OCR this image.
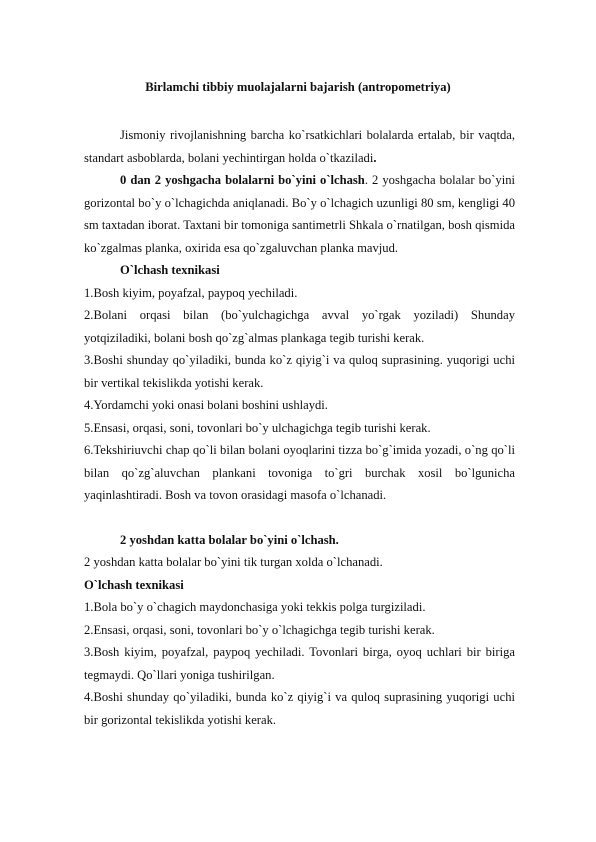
Birlamchi tibbiy muolajalarni bajarish (antropometriya)

Jismoniy rivojlanishning barcha ko`rsatkichlari bolalarda ertalab, bir vaqtda, standart asboblarda, bolani yechintirgan holda o`tkaziladi.

0 dan 2 yoshgacha bolalarni bo`yini o`lchash. 2 yoshgacha bolalar bo`yini gorizontal bo`y o`lchagichda aniqlanadi. Bo`y o`lchagich uzunligi 80 sm, kengligi 40 sm taxtadan iborat. Taxtani bir tomoniga santimetrli Shkala o`rnatilgan, bosh qismida ko`zgalmas planka, oxirida esa qo`zgaluvchan planka mavjud.

O`lchash texnikasi

1.Bosh kiyim, poyafzal, paypoq yechiladi.

2.Bolani orqasi bilan (bo`yulchagichga avval yo`rgak yoziladi) Shunday yotqiziladiki, bolani bosh qo`zg`almas plankaga tegib turishi kerak.

3.Boshi shunday qo`yiladiki, bunda ko`z qiyig`i va quloq suprasining. yuqorigi uchi bir vertikal tekislikda yotishi kerak.

4.Yordamchi yoki onasi bolani boshini ushlaydi.

5.Ensasi, orqasi, soni, tovonlari bo`y ulchagichga tegib turishi kerak.

6.Tekshiriuvchi chap qo`li bilan bolani oyoqlarini tizza bo`g`imida yozadi, o`ng qo`li bilan qo`zg`aluvchan plankani tovoniga to`gri burchak xosil bo`lgunicha yaqinlashtiradi. Bosh va tovon orasidagi masofa o`lchanadi.

2 yoshdan katta bolalar bo`yini o`lchash.

2 yoshdan katta bolalar bo`yini tik turgan xolda o`lchanadi.

O`lchash texnikasi

1.Bola bo`y o`chagich maydonchasiga yoki tekkis polga turgiziladi.

2.Ensasi, orqasi, soni, tovonlari bo`y o`lchagichga tegib turishi kerak.

3.Bosh kiyim, poyafzal, paypoq yechiladi. Tovonlari birga, oyoq uchlari bir biriga tegmaydi. Qo`llari yoniga tushirilgan.

4.Boshi shunday qo`yiladiki, bunda ko`z qiyig`i va quloq suprasining yuqorigi uchi bir gorizontal tekislikda yotishi kerak.
